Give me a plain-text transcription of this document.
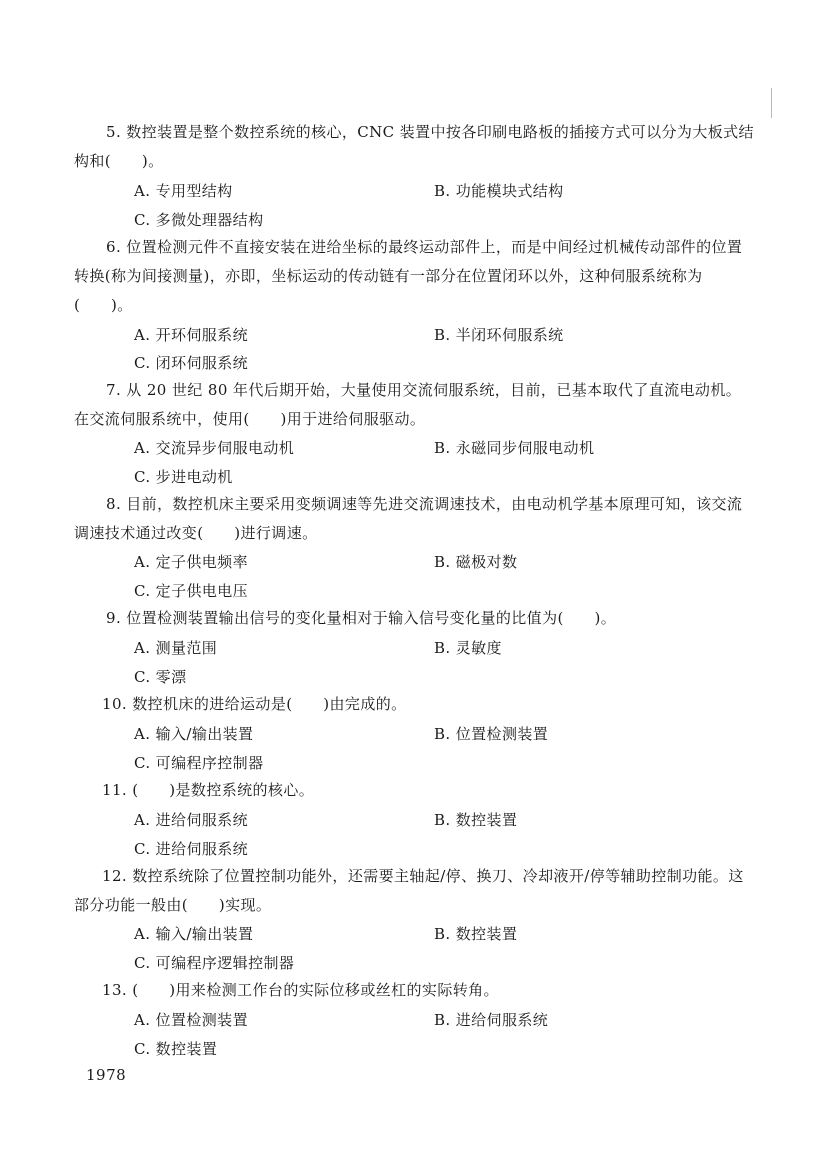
5. 数控装置是整个数控系统的核心，CNC 装置中按各印刷电路板的插接方式可以分为大板式结构和(　　)。

A. 专用型结构	B. 功能模块式结构
C. 多微处理器结构

6. 位置检测元件不直接安装在进给坐标的最终运动部件上，而是中间经过机械传动部件的位置转换(称为间接测量)，亦即，坐标运动的传动链有一部分在位置闭环以外，这种伺服系统称为(　　)。

A. 开环伺服系统	B. 半闭环伺服系统
C. 闭环伺服系统

7. 从 20 世纪 80 年代后期开始，大量使用交流伺服系统，目前，已基本取代了直流电动机。在交流伺服系统中，使用(　　)用于进给伺服驱动。

A. 交流异步伺服电动机	B. 永磁同步伺服电动机
C. 步进电动机

8. 目前，数控机床主要采用变频调速等先进交流调速技术，由电动机学基本原理可知，该交流调速技术通过改变(　　)进行调速。

A. 定子供电频率	B. 磁极对数
C. 定子供电电压

9. 位置检测装置输出信号的变化量相对于输入信号变化量的比值为(　　)。

A. 测量范围	B. 灵敏度
C. 零漂

10. 数控机床的进给运动是(　　)由完成的。

A. 输入/输出装置	B. 位置检测装置
C. 可编程序控制器

11. (　　)是数控系统的核心。

A. 进给伺服系统	B. 数控装置
C. 进给伺服系统

12. 数控系统除了位置控制功能外，还需要主轴起/停、换刀、冷却液开/停等辅助控制功能。这部分功能一般由(　　)实现。

A. 输入/输出装置	B. 数控装置
C. 可编程序逻辑控制器

13. (　　)用来检测工作台的实际位移或丝杠的实际转角。

A. 位置检测装置	B. 进给伺服系统
C. 数控装置
1978
